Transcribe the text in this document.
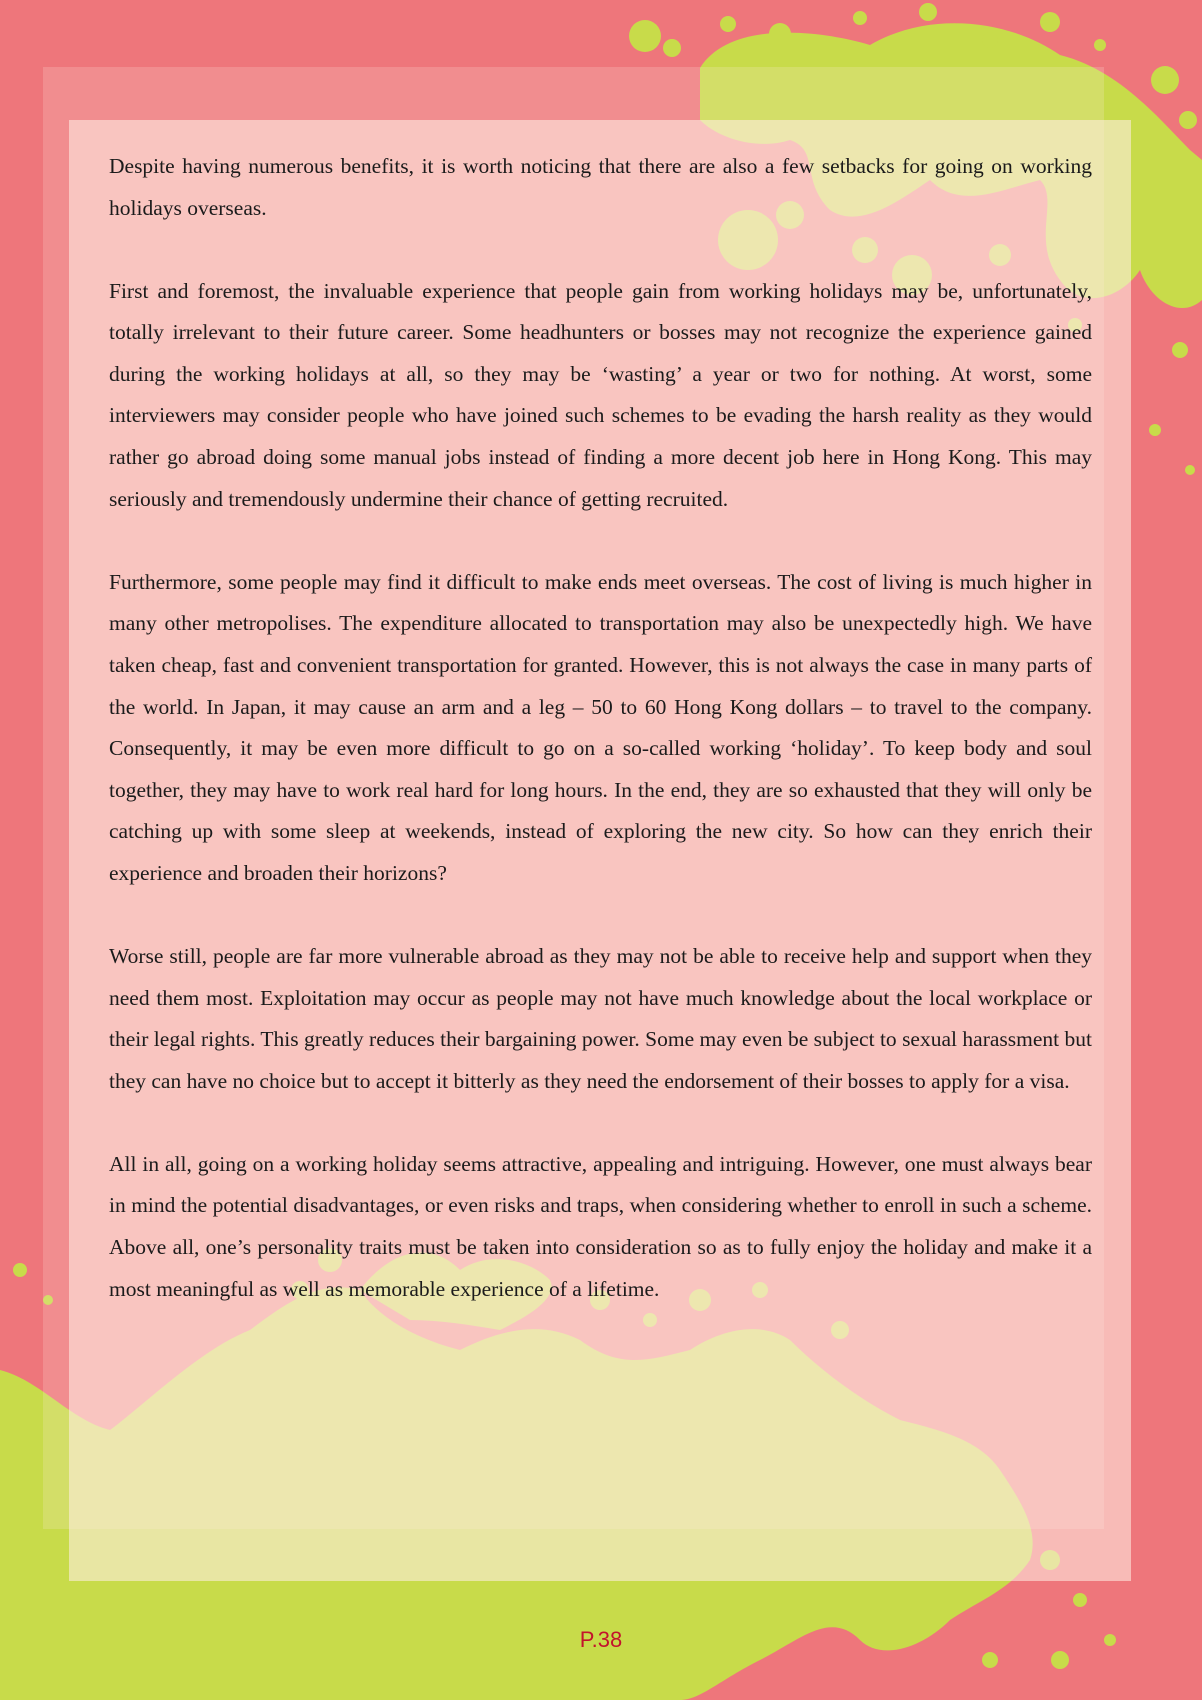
Despite having numerous benefits, it is worth noticing that there are also a few setbacks for going on working holidays overseas.

First and foremost, the invaluable experience that people gain from working holidays may be, unfortunately, totally irrelevant to their future career. Some headhunters or bosses may not recognize the experience gained during the working holidays at all, so they may be ‘wasting’ a year or two for nothing. At worst, some interviewers may consider people who have joined such schemes to be evading the harsh reality as they would rather go abroad doing some manual jobs instead of finding a more decent job here in Hong Kong. This may seriously and tremendously undermine their chance of getting recruited.

Furthermore, some people may find it difficult to make ends meet overseas. The cost of living is much higher in many other metropolises. The expenditure allocated to transportation may also be unexpectedly high. We have taken cheap, fast and convenient transportation for granted. However, this is not always the case in many parts of the world. In Japan, it may cause an arm and a leg – 50 to 60 Hong Kong dollars – to travel to the company. Consequently, it may be even more difficult to go on a so-called working ‘holiday’. To keep body and soul together, they may have to work real hard for long hours. In the end, they are so exhausted that they will only be catching up with some sleep at weekends, instead of exploring the new city. So how can they enrich their experience and broaden their horizons?

Worse still, people are far more vulnerable abroad as they may not be able to receive help and support when they need them most. Exploitation may occur as people may not have much knowledge about the local workplace or their legal rights. This greatly reduces their bargaining power. Some may even be subject to sexual harassment but they can have no choice but to accept it bitterly as they need the endorsement of their bosses to apply for a visa.

All in all, going on a working holiday seems attractive, appealing and intriguing. However, one must always bear in mind the potential disadvantages, or even risks and traps, when considering whether to enroll in such a scheme. Above all, one’s personality traits must be taken into consideration so as to fully enjoy the holiday and make it a most meaningful as well as memorable experience of a lifetime.

P.38
